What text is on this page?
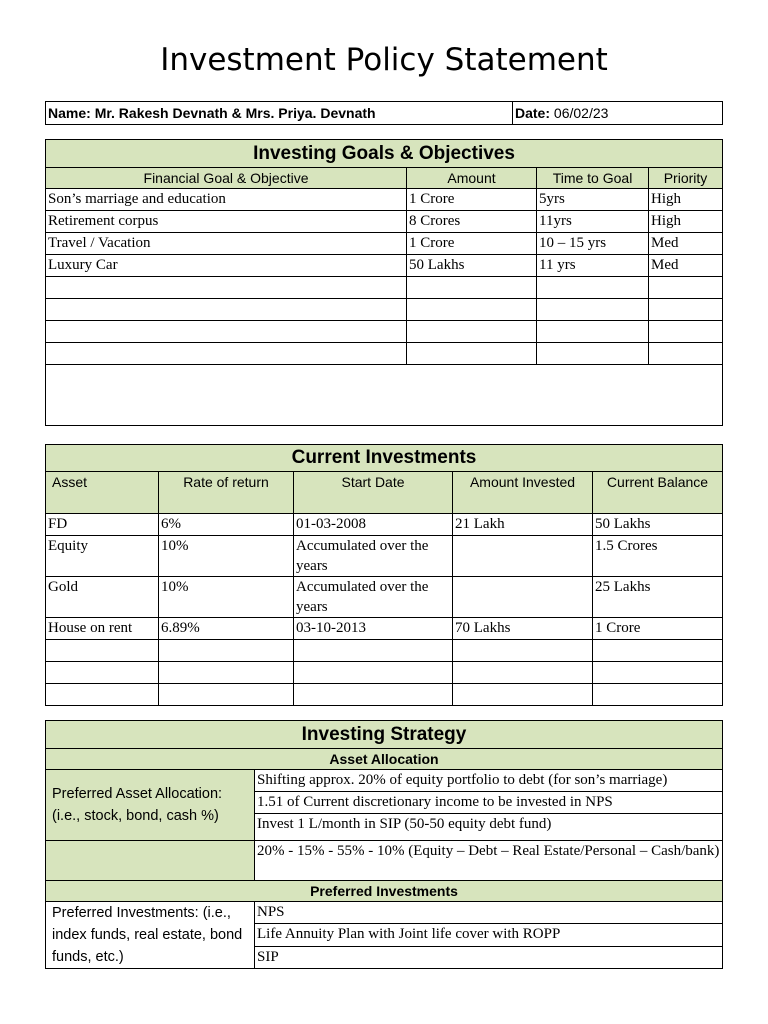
Investment Policy Statement
Name: Mr. Rakesh Devnath & Mrs. Priya. Devnath	Date: 06/02/23
Investing Goals & Objectives			
Financial Goal & Objective	Amount	Time to Goal	Priority
Son’s marriage and education	1 Crore	5yrs	High
Retirement corpus	8 Crores	11yrs	High
Travel / Vacation	1 Crore	10 – 15 yrs	Med
Luxury Car	50 Lakhs	11 yrs	Med

Current Investments				
Asset	Rate of return	Start Date	Amount Invested	Current Balance
FD	6%	01-03-2008	21 Lakh	50 Lakhs
Equity	10%	Accumulated over the years		1.5 Crores
Gold	10%	Accumulated over the years		25 Lakhs
House on rent	6.89%	03-10-2013	70 Lakhs	1 Crore

Investing Strategy	
Asset Allocation	
Preferred Asset Allocation: (i.e., stock, bond, cash %)	Shifting approx. 20% of equity portfolio to debt (for son’s marriage)
	1.51 of Current discretionary income to be invested in NPS
	Invest 1 L/month in SIP (50-50 equity debt fund)
	20% - 15% - 55% - 10% (Equity – Debt – Real Estate/Personal – Cash/bank)
Preferred Investments	
Preferred Investments: (i.e., index funds, real estate, bond funds, etc.)	NPS
	Life Annuity Plan with Joint life cover with ROPP
	SIP
